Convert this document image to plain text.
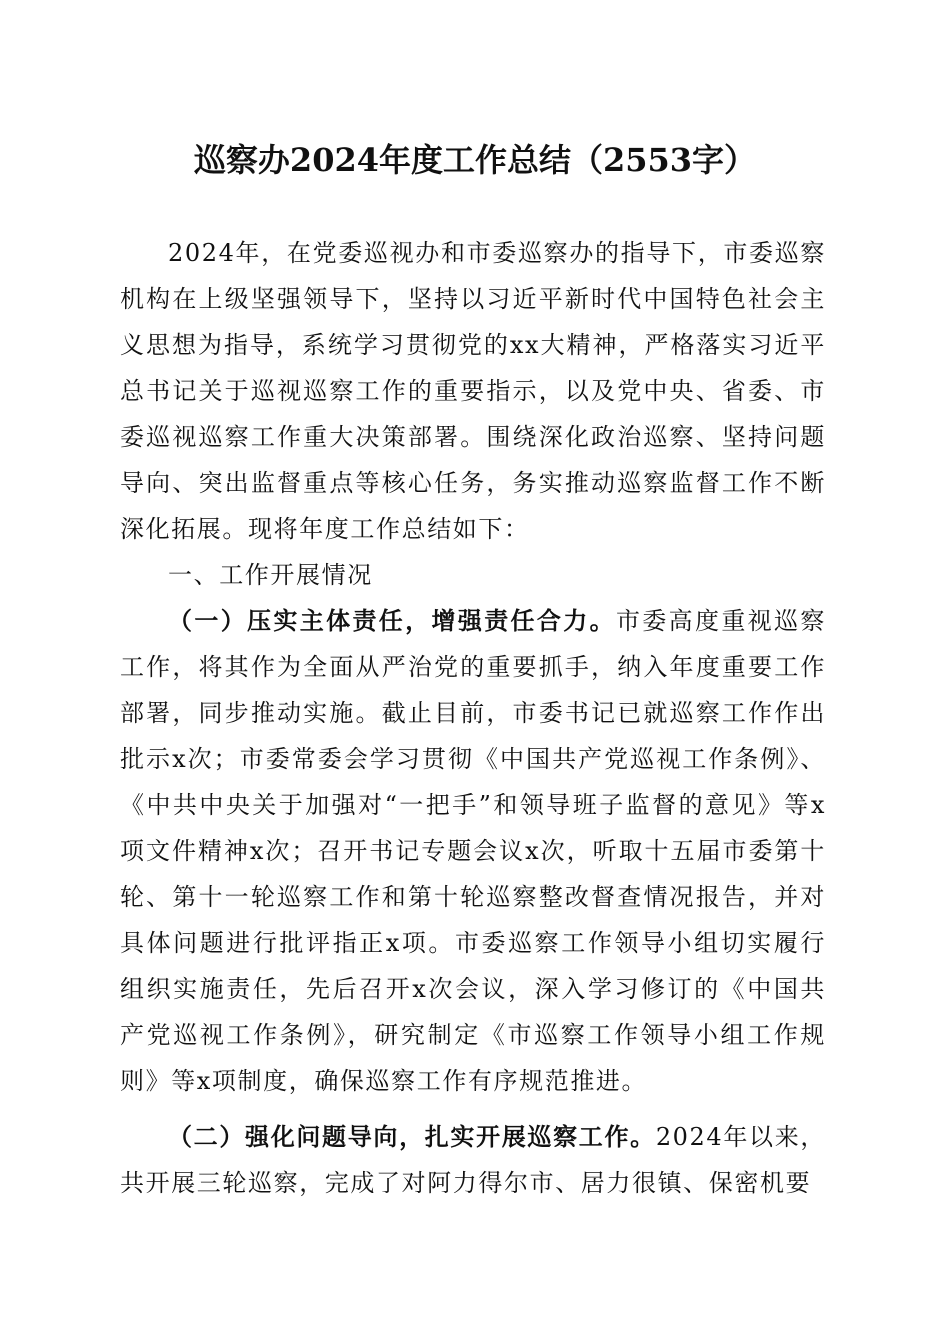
巡察办2024年度工作总结（2553字）

2024年，在党委巡视办和市委巡察办的指导下，市委巡察机构在上级坚强领导下，坚持以习近平新时代中国特色社会主义思想为指导，系统学习贯彻党的xx大精神，严格落实习近平总书记关于巡视巡察工作的重要指示，以及党中央、省委、市委巡视巡察工作重大决策部署。围绕深化政治巡察、坚持问题导向、突出监督重点等核心任务，务实推动巡察监督工作不断深化拓展。现将年度工作总结如下：

一、工作开展情况

（一）压实主体责任，增强责任合力。市委高度重视巡察工作，将其作为全面从严治党的重要抓手，纳入年度重要工作部署，同步推动实施。截止目前，市委书记已就巡察工作作出批示x次；市委常委会学习贯彻《中国共产党巡视工作条例》、《中共中央关于加强对“一把手”和领导班子监督的意见》等x项文件精神x次；召开书记专题会议x次，听取十五届市委第十轮、第十一轮巡察工作和第十轮巡察整改督查情况报告，并对具体问题进行批评指正x项。市委巡察工作领导小组切实履行组织实施责任，先后召开x次会议，深入学习修订的《中国共产党巡视工作条例》，研究制定《市巡察工作领导小组工作规则》等x项制度，确保巡察工作有序规范推进。

（二）强化问题导向，扎实开展巡察工作。2024年以来，共开展三轮巡察，完成了对阿力得尔市、居力很镇、保密机要
